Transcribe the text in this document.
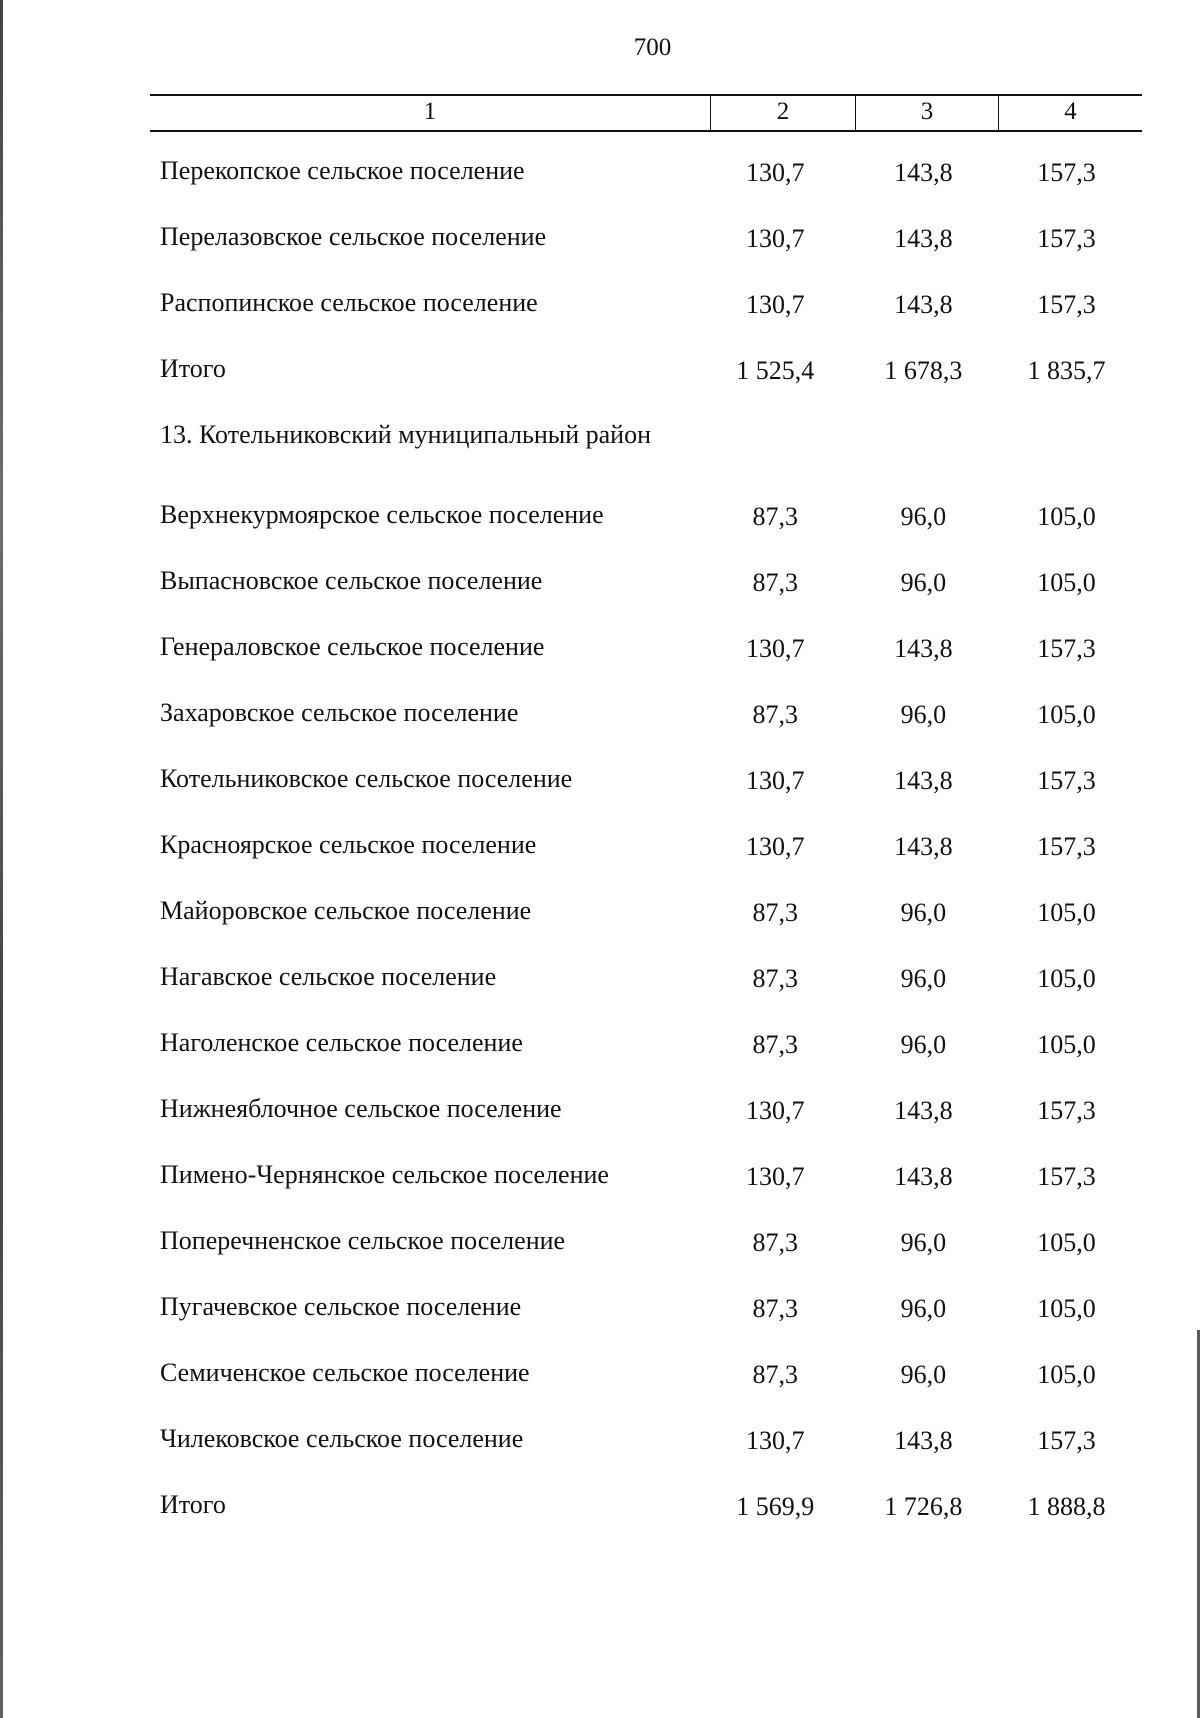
700
1	2	3	4
Перекопское сельское поселение	130,7	143,8	157,3
Перелазовское сельское поселение	130,7	143,8	157,3
Распопинское сельское поселение	130,7	143,8	157,3
Итого	1 525,4	1 678,3	1 835,7
13. Котельниковский муниципальный район
Верхнекурмоярское сельское поселение	87,3	96,0	105,0
Выпасновское сельское поселение	87,3	96,0	105,0
Генераловское сельское поселение	130,7	143,8	157,3
Захаровское сельское поселение	87,3	96,0	105,0
Котельниковское сельское поселение	130,7	143,8	157,3
Красноярское сельское поселение	130,7	143,8	157,3
Майоровское сельское поселение	87,3	96,0	105,0
Нагавское сельское поселение	87,3	96,0	105,0
Наголенское сельское поселение	87,3	96,0	105,0
Нижнеяблочное сельское поселение	130,7	143,8	157,3
Пимено-Чернянское сельское поселение	130,7	143,8	157,3
Поперечненское сельское поселение	87,3	96,0	105,0
Пугачевское сельское поселение	87,3	96,0	105,0
Семиченское сельское поселение	87,3	96,0	105,0
Чилековское сельское поселение	130,7	143,8	157,3
Итого	1 569,9	1 726,8	1 888,8
